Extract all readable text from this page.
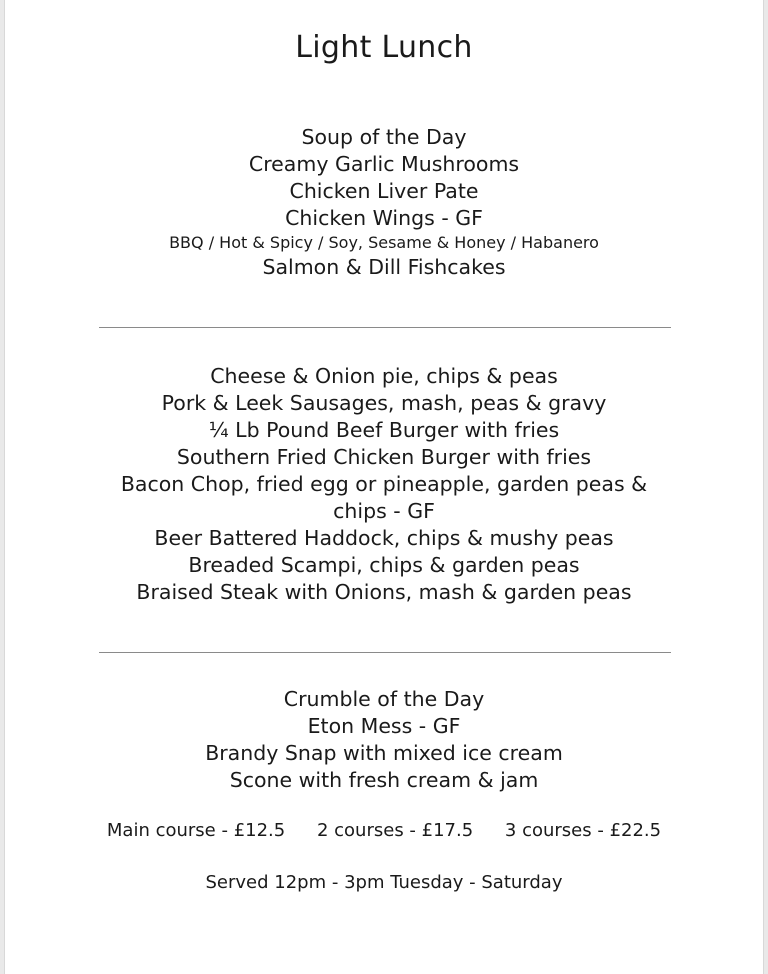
Light Lunch
Soup of the Day
Creamy Garlic Mushrooms
Chicken Liver Pate
Chicken Wings - GF
BBQ / Hot & Spicy / Soy, Sesame & Honey / Habanero
Salmon & Dill Fishcakes
Cheese & Onion pie, chips & peas
Pork & Leek Sausages, mash, peas & gravy
¼ Lb Pound Beef Burger with fries
Southern Fried Chicken Burger with fries
Bacon Chop, fried egg or pineapple, garden peas & chips - GF
Beer Battered Haddock, chips & mushy peas
Breaded Scampi, chips & garden peas
Braised Steak with Onions, mash & garden peas
Crumble of the Day
Eton Mess - GF
Brandy Snap with mixed ice cream
Scone with fresh cream & jam
Main course - £12.5 2 courses - £17.5 3 courses - £22.5
Served 12pm - 3pm Tuesday - Saturday
